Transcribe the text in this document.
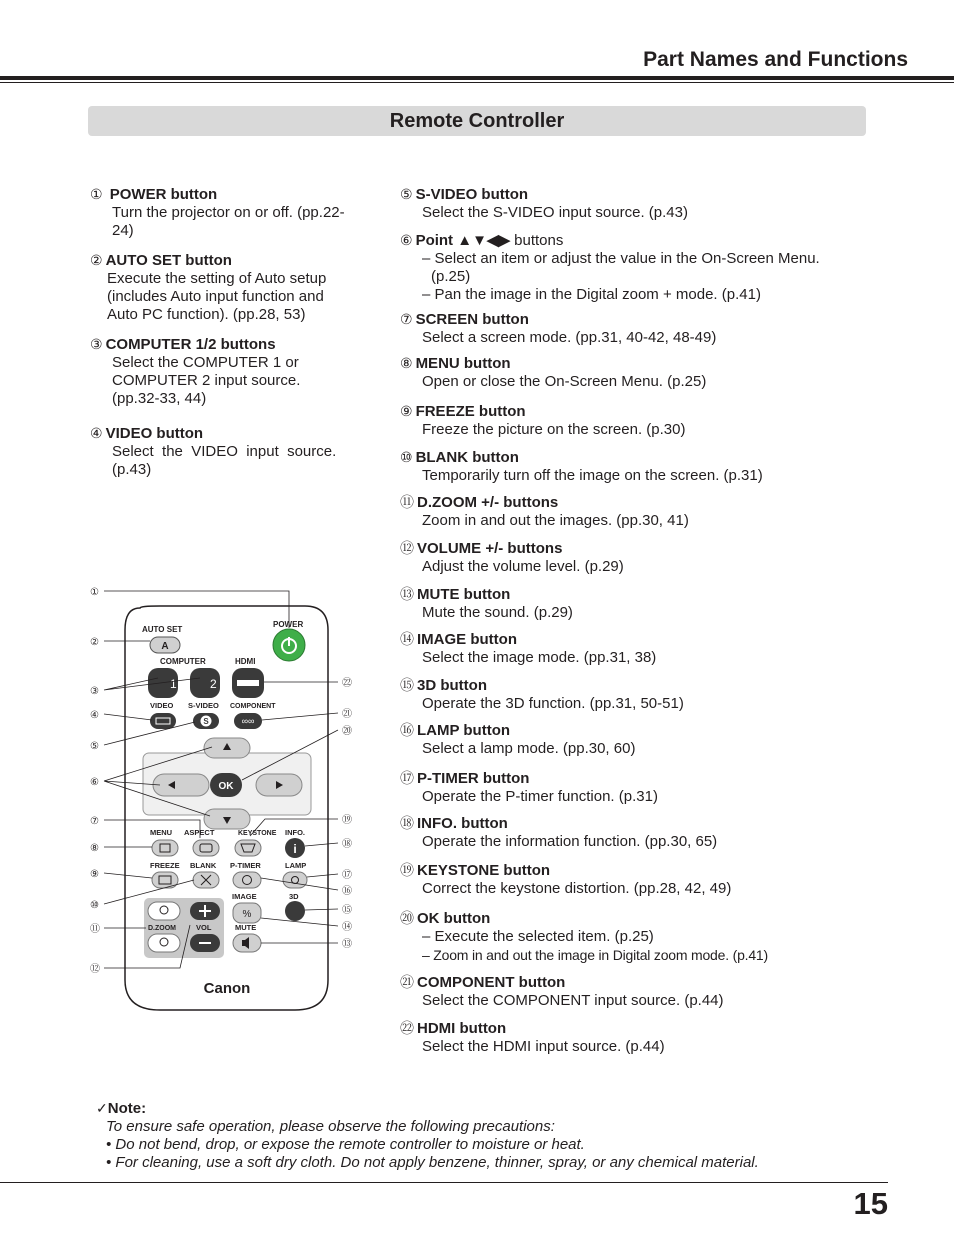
Part Names and Functions
Remote Controller
① POWER button
Turn the projector on or off. (pp.22-
24)
② AUTO SET button
Execute the setting of Auto setup
(includes Auto input function and
Auto PC function). (pp.28, 53)
③ COMPUTER 1/2 buttons
Select the COMPUTER 1 or
COMPUTER 2 input source.
(pp.32-33, 44)
④ VIDEO button
Select  the  VIDEO  input  source.
(p.43)
⑤ S-VIDEO button
Select the S-VIDEO input source. (p.43)
⑥ Point ▲▼◀▶ buttons
– Select an item or adjust the value in the On-Screen Menu.
(p.25)
– Pan the image in the Digital zoom + mode. (p.41)
⑦ SCREEN button
Select a screen mode. (pp.31, 40-42, 48-49)
⑧ MENU button
Open or close the On-Screen Menu. (p.25)
⑨ FREEZE button
Freeze the picture on the screen. (p.30)
⑩ BLANK button
Temporarily turn off the image on the screen. (p.31)
⑪ D.ZOOM +/- buttons
Zoom in and out the images. (pp.30, 41)
⑫ VOLUME +/- buttons
Adjust the volume level. (p.29)
⑬ MUTE button
Mute the sound. (p.29)
⑭ IMAGE button
Select the image mode. (pp.31, 38)
⑮ 3D button
Operate the 3D function. (pp.31, 50-51)
⑯ LAMP button
Select a lamp mode. (pp.30, 60)
⑰ P-TIMER button
Operate the P-timer function. (p.31)
⑱ INFO. button
Operate the information function. (pp.30, 65)
⑲ KEYSTONE button
Correct the keystone distortion. (pp.28, 42, 49)
⑳ OK button
– Execute the selected item. (p.25)
– Zoom in and out the image in Digital zoom mode. (p.41)
㉑ COMPONENT button
Select the COMPONENT input source. (p.44)
㉒ HDMI button
Select the HDMI input source. (p.44)
AUTO SET
A
POWER
COMPUTER	HDMI
1	2
VIDEO S-VIDEO COMPONENT
S	∞∞
OK
MENU ASPECT	KEYSTONE INFO.
i
FREEZE BLANK P-TIMER	LAMP
IMAGE	3D
%
D.ZOOM	VOL	MUTE
Canon
①
②
③
④
⑤
⑥
⑦
⑧
⑨
⑩
⑪
⑫
㉒
㉑
⑳
⑲
⑱
⑰
⑯
⑮
⑭
⑬
✓Note:
To ensure safe operation, please observe the following precautions:
• Do not bend, drop, or expose the remote controller to moisture or heat.
• For cleaning, use a soft dry cloth. Do not apply benzene, thinner, spray, or any chemical material.
15
